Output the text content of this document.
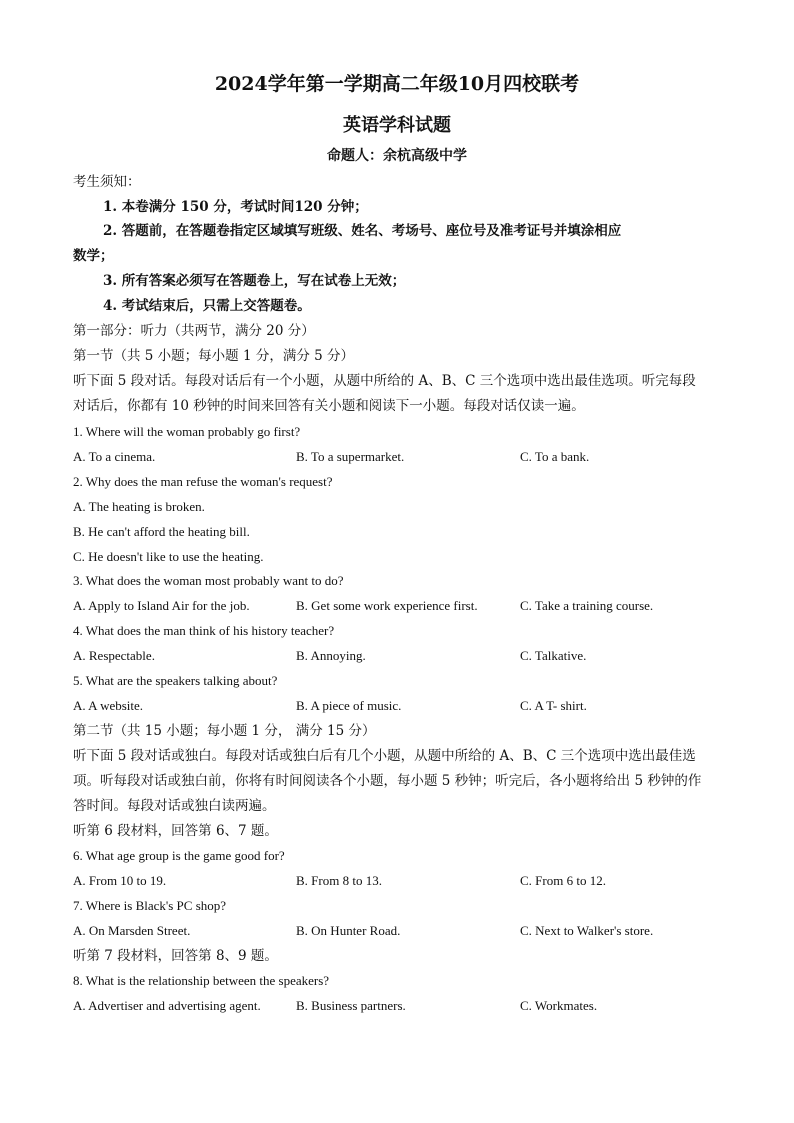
2024学年第一学期高二年级10月四校联考
英语学科试题
命题人：余杭高级中学
考生须知：
1. 本卷满分 150 分，考试时间120 分钟；
2. 答题前，在答题卷指定区域填写班级、姓名、考场号、座位号及准考证号并填涂相应
数学；
3. 所有答案必须写在答题卷上，写在试卷上无效；
4. 考试结束后，只需上交答题卷。
第一部分：听力（共两节，满分 20 分）
第一节（共 5 小题；每小题 1 分，满分 5 分）
听下面 5 段对话。每段对话后有一个小题，从题中所给的 A、B、C 三个选项中选出最佳选项。听完每段
对话后，你都有 10 秒钟的时间来回答有关小题和阅读下一小题。每段对话仅读一遍。
1. Where will the woman probably go first?
A. To a cinema.	B. To a supermarket.	C. To a bank.
2. Why does the man refuse the woman's request?
A. The heating is broken.
B. He can't afford the heating bill.
C. He doesn't like to use the heating.
3. What does the woman most probably want to do?
A. Apply to Island Air for the job.	B. Get some work experience first.	C. Take a training course.
4. What does the man think of his history teacher?
A. Respectable.	B. Annoying.	C. Talkative.
5. What are the speakers talking about?
A. A website.	B. A piece of music.	C. A T- shirt.
第二节（共 15 小题；每小题 1 分， 满分 15 分）
听下面 5 段对话或独白。每段对话或独白后有几个小题，从题中所给的 A、B、C 三个选项中选出最佳选
项。听每段对话或独白前，你将有时间阅读各个小题，每小题 5 秒钟；听完后，各小题将给出 5 秒钟的作
答时间。每段对话或独白读两遍。
听第 6 段材料，回答第 6、7 题。
6. What age group is the game good for?
A. From 10 to 19.	B. From 8 to 13.	C. From 6 to 12.
7. Where is Black's PC shop?
A. On Marsden Street.	B. On Hunter Road.	C. Next to Walker's store.
听第 7 段材料，回答第 8、9 题。
8. What is the relationship between the speakers?
A. Advertiser and advertising agent.	B. Business partners.	C. Workmates.
